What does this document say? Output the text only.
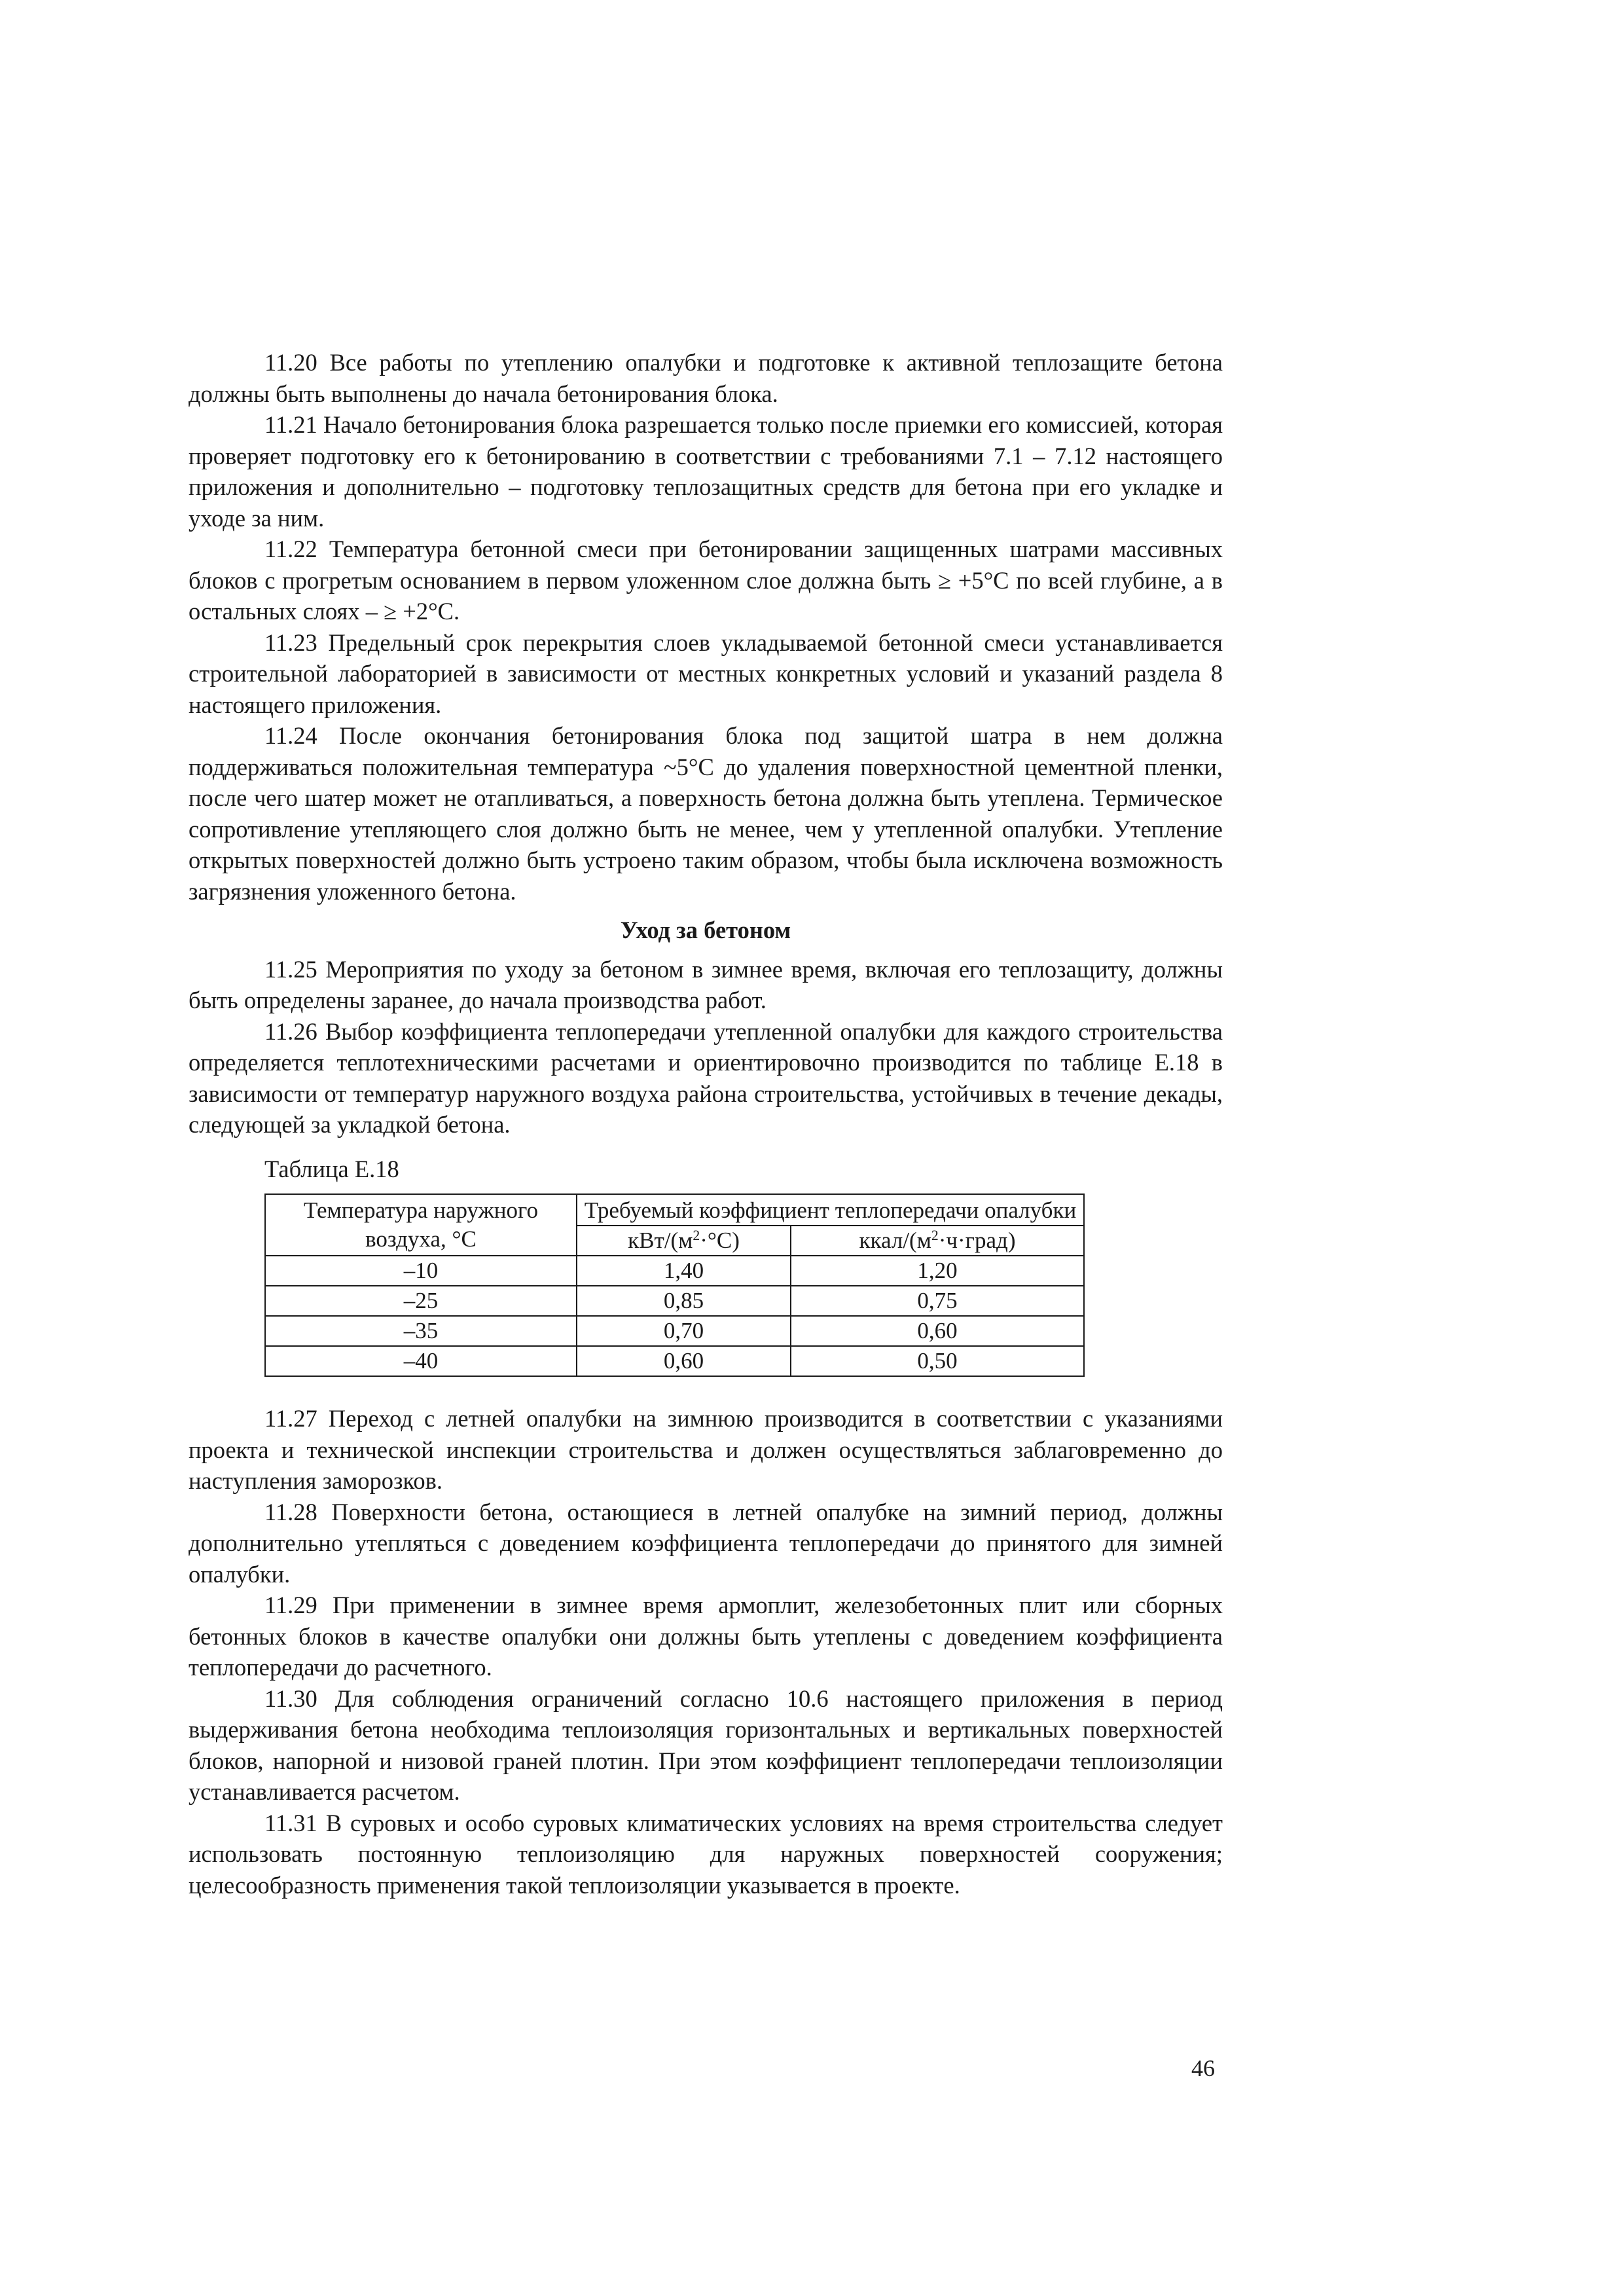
11.20 Все работы по утеплению опалубки и подготовке к активной теплозащите бетона должны быть выполнены до начала бетонирования блока.

11.21 Начало бетонирования блока разрешается только после приемки его комиссией, которая проверяет подготовку его к бетонированию в соответствии с требованиями 7.1 – 7.12 настоящего приложения и дополнительно – подготовку теплозащитных средств для бетона при его укладке и уходе за ним.

11.22 Температура бетонной смеси при бетонировании защищенных шатрами массивных блоков с прогретым основанием в первом уложенном слое должна быть ≥ +5°С по всей глубине, а в остальных слоях – ≥ +2°С.

11.23 Предельный срок перекрытия слоев укладываемой бетонной смеси устанавливается строительной лабораторией в зависимости от местных конкретных условий и указаний раздела 8 настоящего приложения.

11.24 После окончания бетонирования блока под защитой шатра в нем должна поддерживаться положительная температура ~5°С до удаления поверхностной цементной пленки, после чего шатер может не отапливаться, а поверхность бетона должна быть утеплена. Термическое сопротивление утепляющего слоя должно быть не менее, чем у утепленной опалубки. Утепление открытых поверхностей должно быть устроено таким образом, чтобы была исключена возможность загрязнения уложенного бетона.

Уход за бетоном

11.25 Мероприятия по уходу за бетоном в зимнее время, включая его теплозащиту, должны быть определены заранее, до начала производства работ.

11.26 Выбор коэффициента теплопередачи утепленной опалубки для каждого строительства определяется теплотехническими расчетами и ориентировочно производится по таблице Е.18 в зависимости от температур наружного воздуха района строительства, устойчивых в течение декады, следующей за укладкой бетона.

Таблица Е.18

Температура наружного воздуха, °С	Требуемый коэффициент теплопередачи опалубки	
	кВт/$(м^2\cdot^\circ С)$	ккал/$(м^2\cdot ч\cdot град)$
–10	1,40	1,20
–25	0,85	0,75
–35	0,70	0,60
–40	0,60	0,50

11.27 Переход с летней опалубки на зимнюю производится в соответствии с указаниями проекта и технической инспекции строительства и должен осуществляться заблаговременно до наступления заморозков.

11.28 Поверхности бетона, остающиеся в летней опалубке на зимний период, должны дополнительно утепляться с доведением коэффициента теплопередачи до принятого для зимней опалубки.

11.29 При применении в зимнее время армоплит, железобетонных плит или сборных бетонных блоков в качестве опалубки они должны быть утеплены с доведением коэффициента теплопередачи до расчетного.

11.30 Для соблюдения ограничений согласно 10.6 настоящего приложения в период выдерживания бетона необходима теплоизоляция горизонтальных и вертикальных поверхностей блоков, напорной и низовой граней плотин. При этом коэффициент теплопередачи теплоизоляции устанавливается расчетом.

11.31 В суровых и особо суровых климатических условиях на время строительства следует использовать постоянную теплоизоляцию для наружных поверхностей сооружения; целесообразность применения такой теплоизоляции указывается в проекте.

46
